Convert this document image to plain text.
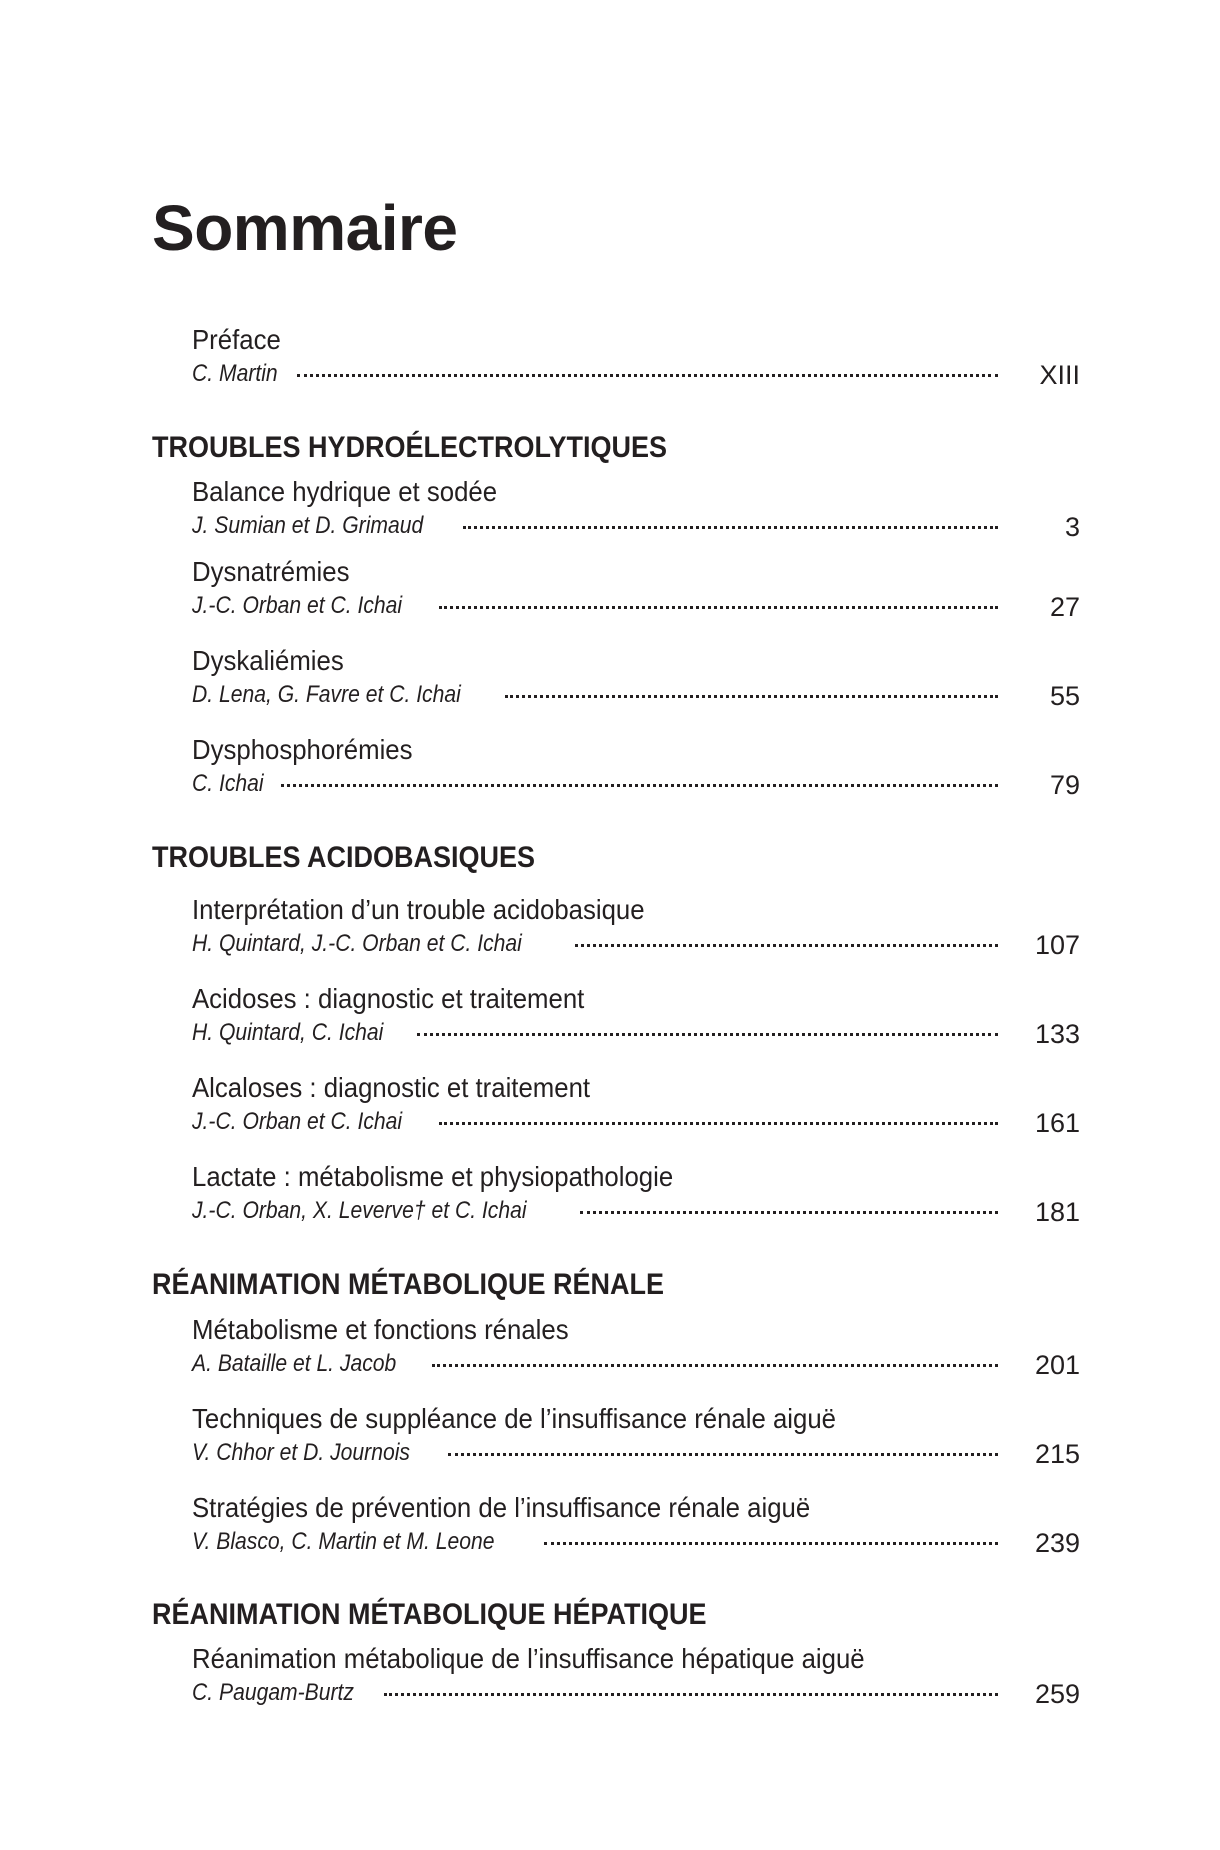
Sommaire
Préface
C. Martin	XIII
TROUBLES HYDROÉLECTROLYTIQUES
Balance hydrique et sodée
J. Sumian et D. Grimaud	3
Dysnatrémies
J.-C. Orban et C. Ichai	27
Dyskaliémies
D. Lena, G. Favre et C. Ichai	55
Dysphosphorémies
C. Ichai	79
TROUBLES ACIDOBASIQUES
Interprétation d’un trouble acidobasique
H. Quintard, J.-C. Orban et C. Ichai	107
Acidoses : diagnostic et traitement
H. Quintard, C. Ichai	133
Alcaloses : diagnostic et traitement
J.-C. Orban et C. Ichai	161
Lactate : métabolisme et physiopathologie
J.-C. Orban, X. Leverve† et C. Ichai	181
RÉANIMATION MÉTABOLIQUE RÉNALE
Métabolisme et fonctions rénales
A. Bataille et L. Jacob	201
Techniques de suppléance de l’insuffisance rénale aiguë
V. Chhor et D. Journois	215
Stratégies de prévention de l’insuffisance rénale aiguë
V. Blasco, C. Martin et M. Leone	239
RÉANIMATION MÉTABOLIQUE HÉPATIQUE
Réanimation métabolique de l’insuffisance hépatique aiguë
C. Paugam-Burtz	259
